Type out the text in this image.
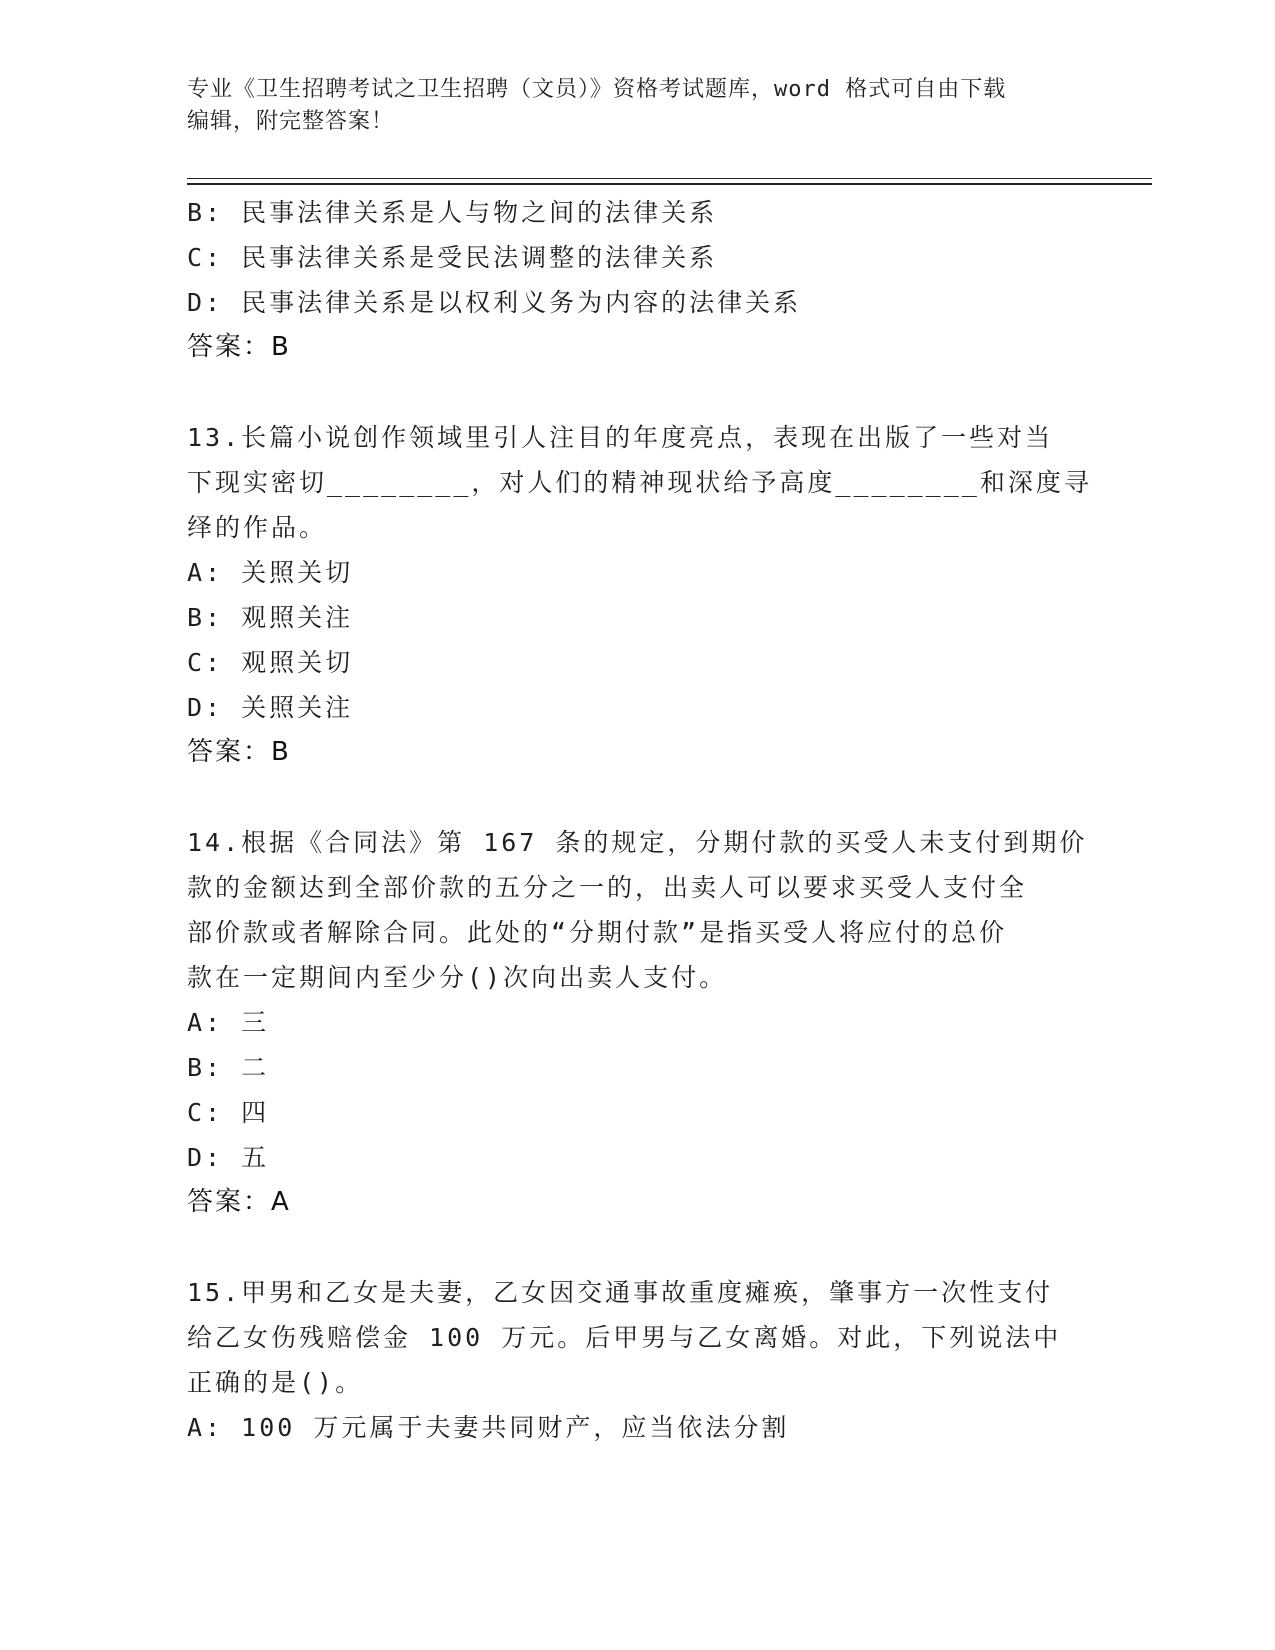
专业《卫生招聘考试之卫生招聘（文员）》资格考试题库，word 格式可自由下载
编辑，附完整答案！
B: 民事法律关系是人与物之间的法律关系
C: 民事法律关系是受民法调整的法律关系
D: 民事法律关系是以权利义务为内容的法律关系
答案：B
13.长篇小说创作领域里引人注目的年度亮点，表现在出版了一些对当
下现实密切________，对人们的精神现状给予高度________和深度寻
绎的作品。
A: 关照关切
B: 观照关注
C: 观照关切
D: 关照关注
答案：B
14.根据《合同法》第 167 条的规定，分期付款的买受人未支付到期价
款的金额达到全部价款的五分之一的，出卖人可以要求买受人支付全
部价款或者解除合同。此处的“分期付款”是指买受人将应付的总价
款在一定期间内至少分()次向出卖人支付。
A: 三
B: 二
C: 四
D: 五
答案：A
15.甲男和乙女是夫妻，乙女因交通事故重度瘫痪，肇事方一次性支付
给乙女伤残赔偿金 100 万元。后甲男与乙女离婚。对此，下列说法中
正确的是()。
A: 100 万元属于夫妻共同财产，应当依法分割
